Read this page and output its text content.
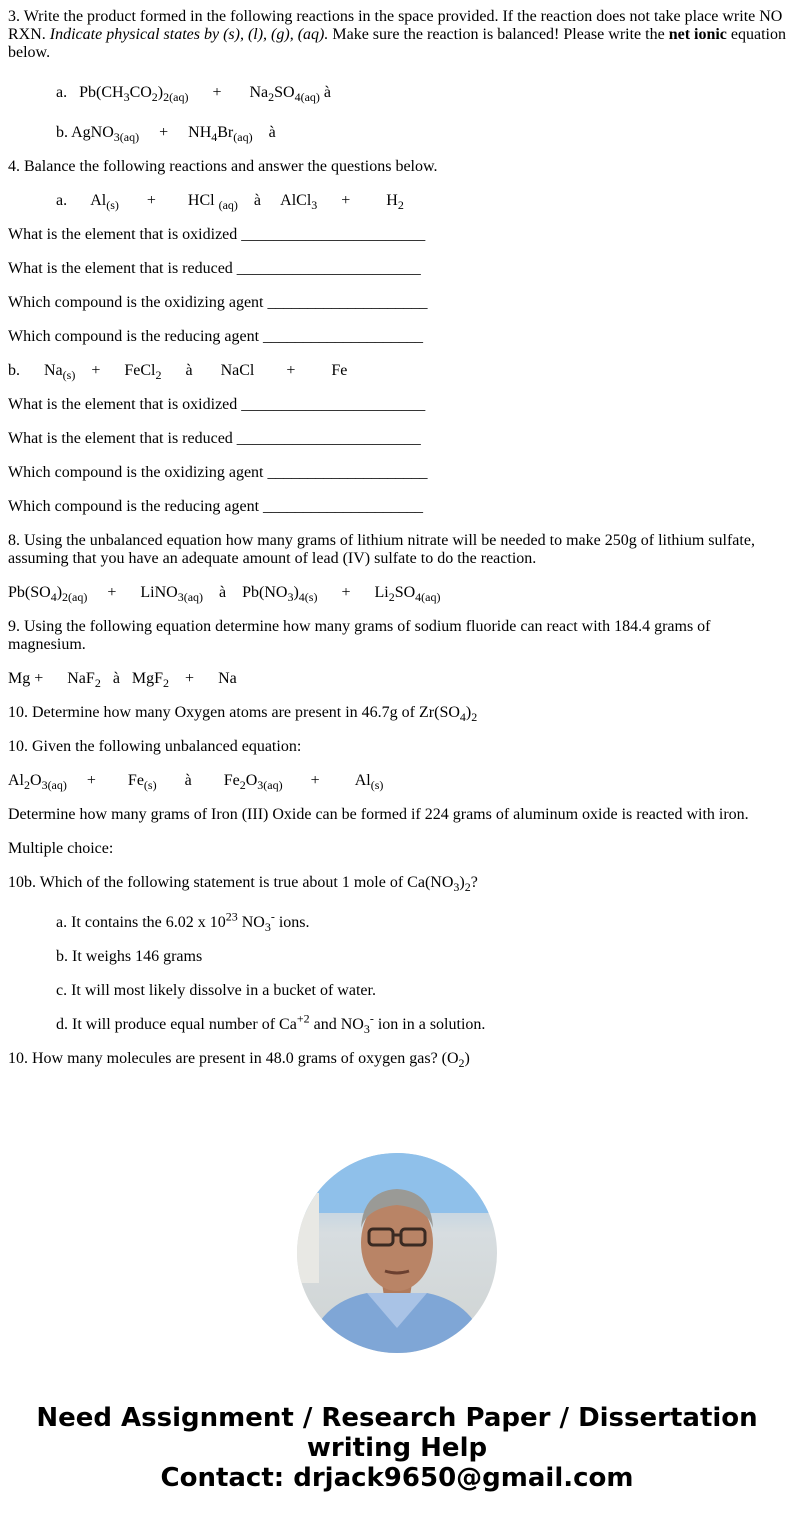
3. Write the product formed in the following reactions in the space provided. If the reaction does not take place write NO RXN. Indicate physical states by (s), (l), (g), (aq). Make sure the reaction is balanced! Please write the net ionic equation below.

a.   $Pb(CH_3CO_2)_{2(aq)}$      +       $Na_2SO_{4(aq)}$ à

b. AgNO$_{3(aq)}$     +     $NH_4Br_{(aq)}$    à

4. Balance the following reactions and answer the questions below.

a.      $Al_{(s)}$       +        HCl $_{(aq)}$    à     AlCl$_3$      +         $H_2$

What is the element that is oxidized _______________________

What is the element that is reduced _______________________

Which compound is the oxidizing agent ____________________

Which compound is the reducing agent ____________________

b.      $Na_{(s)}$    +      FeCl$_2$      à       NaCl        +         Fe

What is the element that is oxidized _______________________

What is the element that is reduced _______________________

Which compound is the oxidizing agent ____________________

Which compound is the reducing agent ____________________

8. Using the unbalanced equation how many grams of lithium nitrate will be needed to make 250g of lithium sulfate, assuming that you have an adequate amount of lead (IV) sulfate to do the reaction.

$Pb(SO_4)_{2(aq)}$     +      LiNO$_{3(aq)}$    à    $Pb(NO_3)_{4(s)}$      +      $Li_2SO_{4(aq)}$

9. Using the following equation determine how many grams of sodium fluoride can react with 184.4 grams of magnesium.

Mg +      NaF$_2$   à   MgF$_2$    +      Na

10. Determine how many Oxygen atoms are present in 46.7g of $Zr(SO_4)_2$

10. Given the following unbalanced equation:

$Al_2O_{3(aq)}$     +        $Fe_{(s)}$       à        $Fe_2O_{3(aq)}$       +         $Al_{(s)}$

Determine how many grams of Iron (III) Oxide can be formed if 224 grams of aluminum oxide is reacted with iron.

Multiple choice:

10b. Which of the following statement is true about 1 mole of $Ca(NO_3)_2$?

a. It contains the 6.02 x $10^{23}$ $NO_3^-$ ions.

b. It weighs 146 grams

c. It will most likely dissolve in a bucket of water.

d. It will produce equal number of $Ca^{+2}$ and $NO_3^-$ ion in a solution.

10. How many molecules are present in 48.0 grams of oxygen gas? $(O_2)$

Need Assignment / Research Paper / Dissertation writing Help
Contact: drjack9650@gmail.com
